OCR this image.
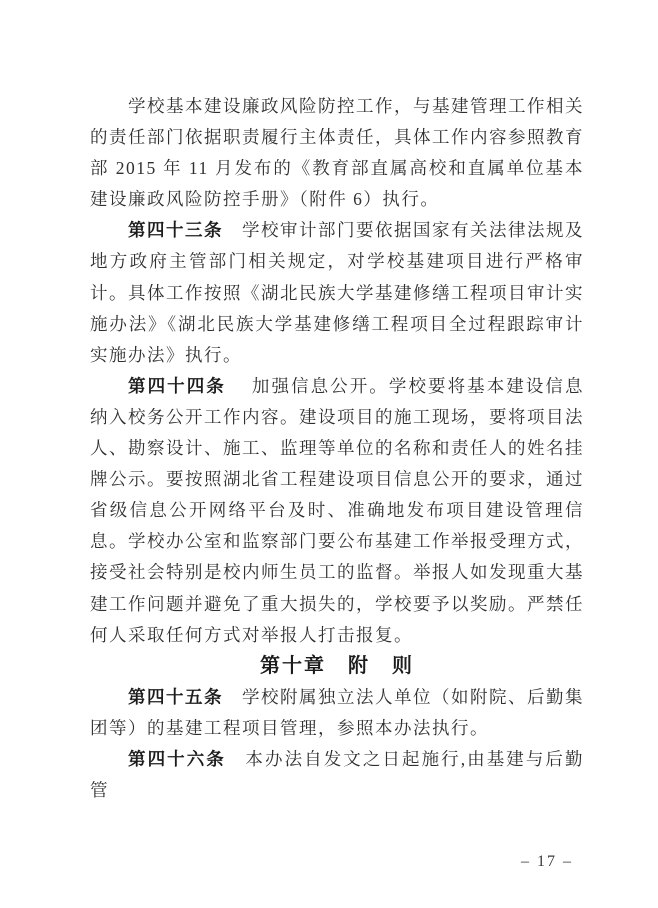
学校基本建设廉政风险防控工作，与基建管理工作相关的责任部门依据职责履行主体责任，具体工作内容参照教育部 2015 年 11 月发布的《教育部直属高校和直属单位基本建设廉政风险防控手册》（附件 6）执行。

第四十三条　学校审计部门要依据国家有关法律法规及地方政府主管部门相关规定，对学校基建项目进行严格审计。具体工作按照《湖北民族大学基建修缮工程项目审计实施办法》《湖北民族大学基建修缮工程项目全过程跟踪审计实施办法》执行。

第四十四条　 加强信息公开。学校要将基本建设信息纳入校务公开工作内容。建设项目的施工现场，要将项目法人、勘察设计、施工、监理等单位的名称和责任人的姓名挂牌公示。要按照湖北省工程建设项目信息公开的要求，通过省级信息公开网络平台及时、准确地发布项目建设管理信息。学校办公室和监察部门要公布基建工作举报受理方式，接受社会特别是校内师生员工的监督。举报人如发现重大基建工作问题并避免了重大损失的，学校要予以奖励。严禁任何人采取任何方式对举报人打击报复。

第十章　附　则

第四十五条　学校附属独立法人单位（如附院、后勤集团等）的基建工程项目管理，参照本办法执行。

第四十六条　本办法自发文之日起施行,由基建与后勤管

– 17 –
